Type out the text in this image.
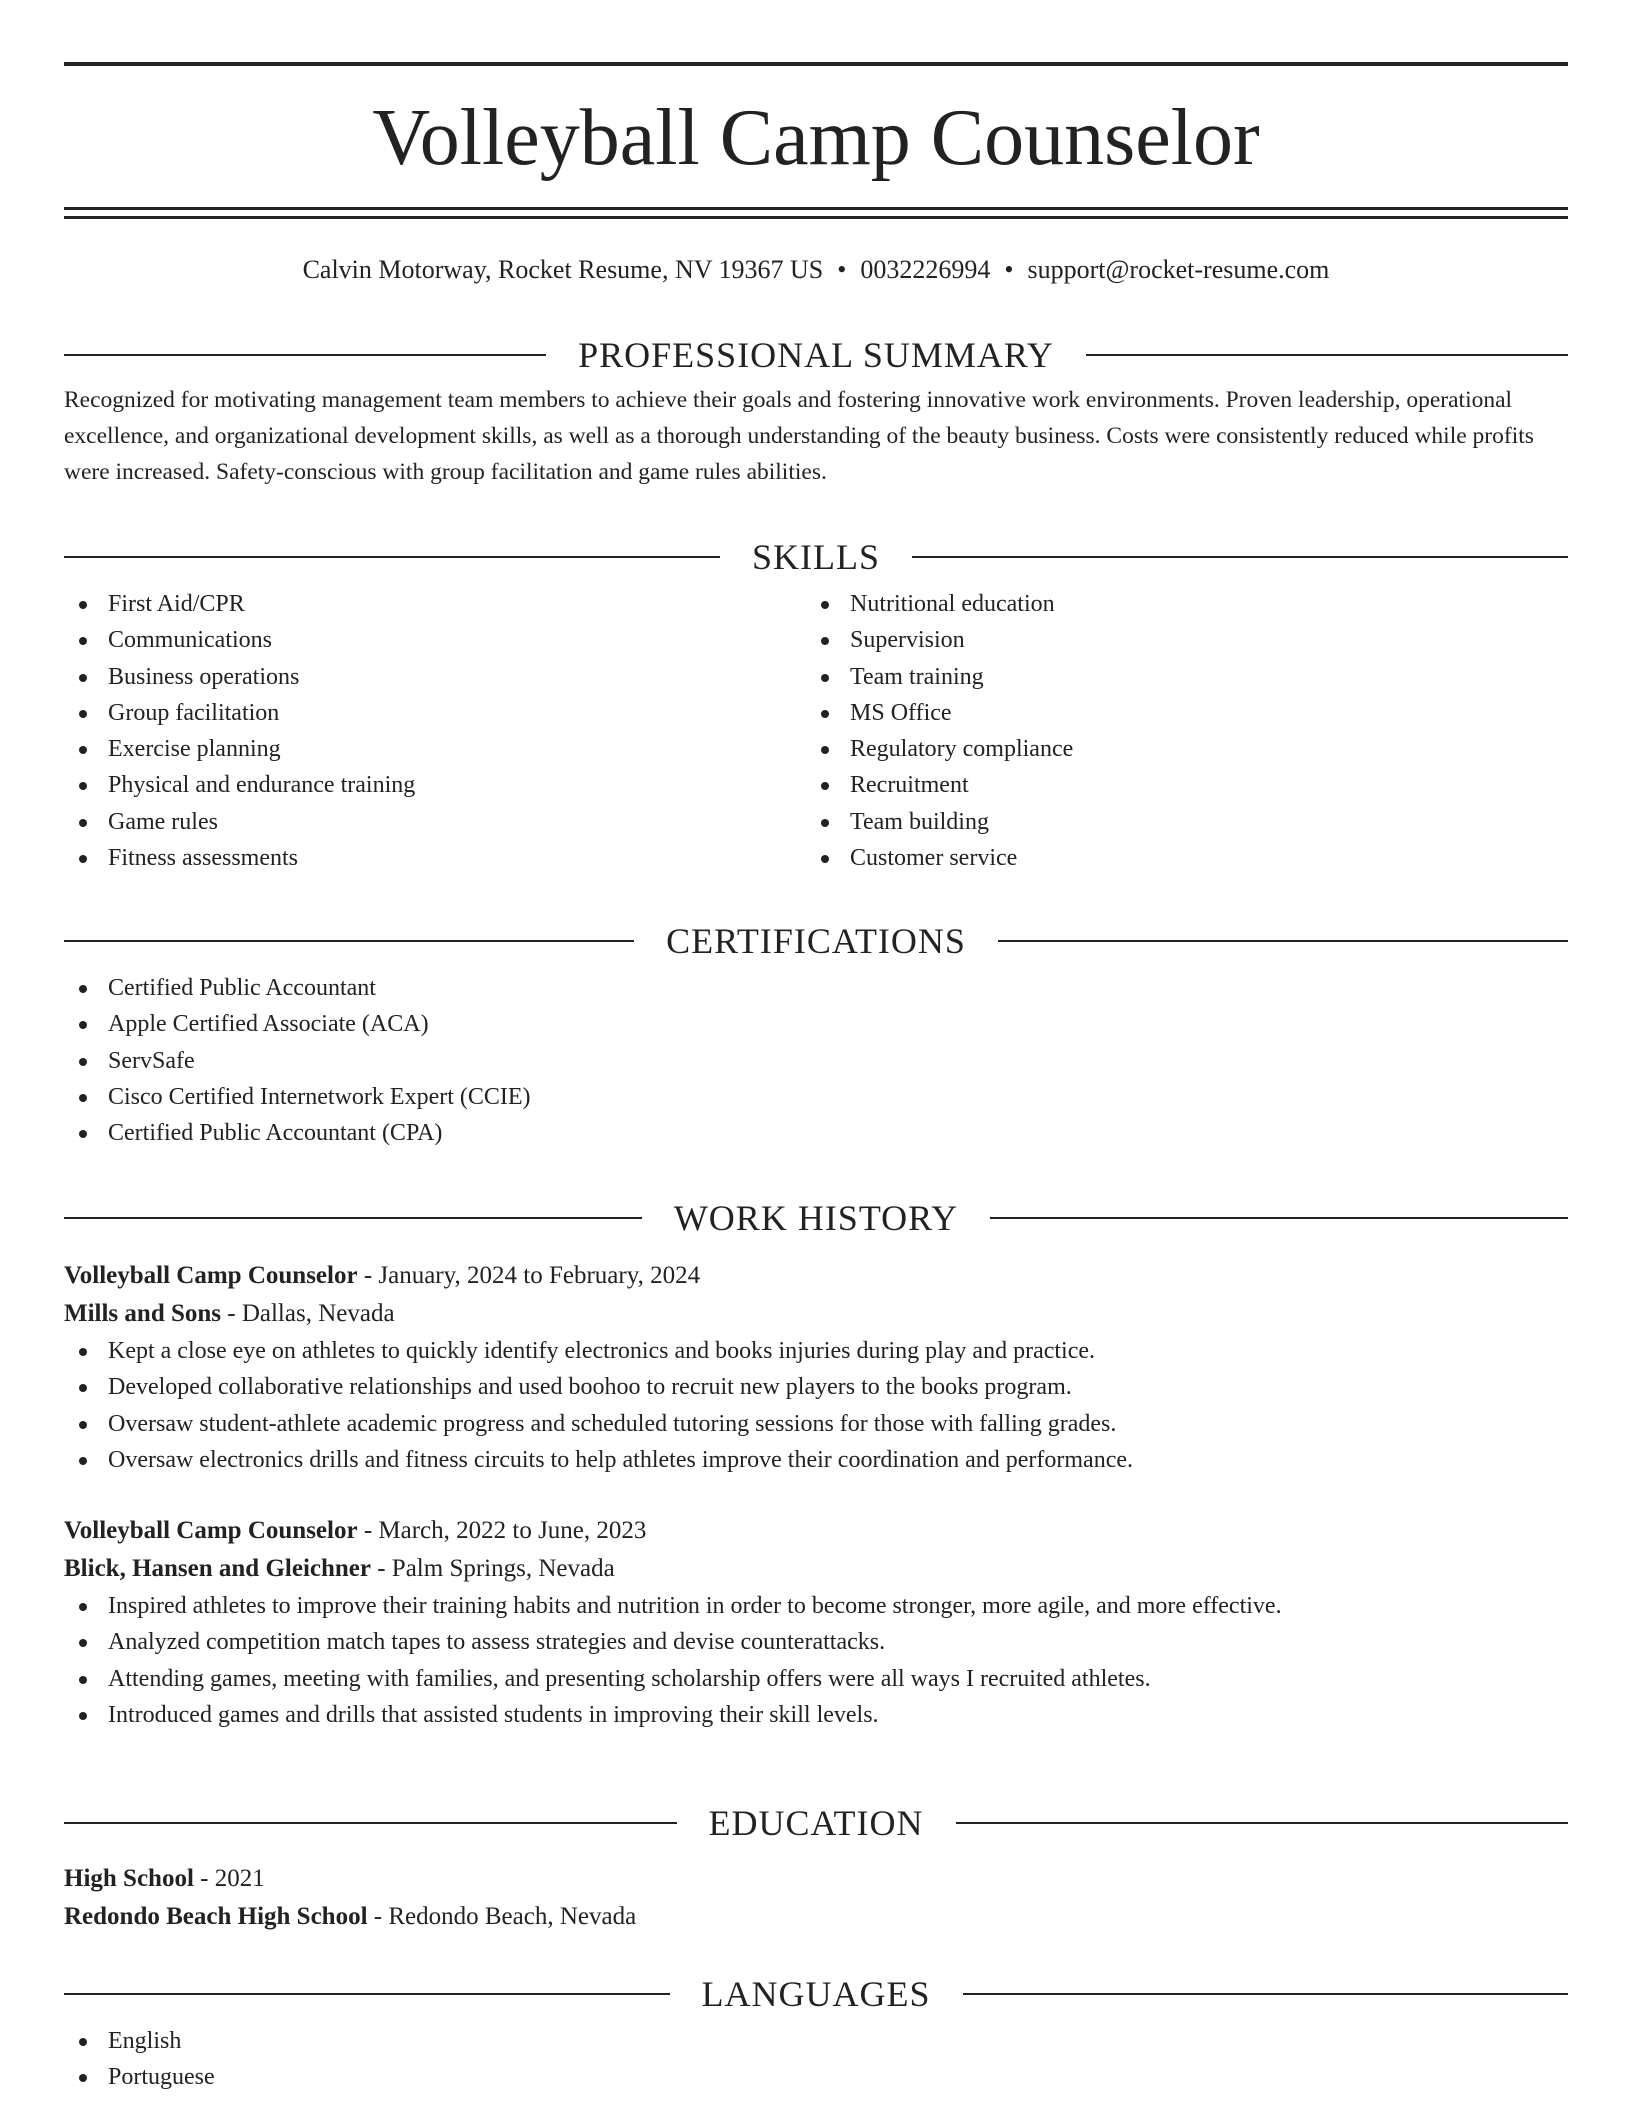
Volleyball Camp Counselor
Calvin Motorway, Rocket Resume, NV 19367 US • 0032226994 • support@rocket-resume.com
PROFESSIONAL SUMMARY

Recognized for motivating management team members to achieve their goals and fostering innovative work environments. Proven leadership, operational excellence, and organizational development skills, as well as a thorough understanding of the beauty business. Costs were consistently reduced while profits were increased. Safety-conscious with group facilitation and game rules abilities.

SKILLS
First Aid/CPR
Communications
Business operations
Group facilitation
Exercise planning
Physical and endurance training
Game rules
Fitness assessments
Nutritional education
Supervision
Team training
MS Office
Regulatory compliance
Recruitment
Team building
Customer service
CERTIFICATIONS
Certified Public Accountant
Apple Certified Associate (ACA)
ServSafe
Cisco Certified Internetwork Expert (CCIE)
Certified Public Accountant (CPA)
WORK HISTORY
Volleyball Camp Counselor - January, 2024 to February, 2024
Mills and Sons - Dallas, Nevada
Kept a close eye on athletes to quickly identify electronics and books injuries during play and practice.
Developed collaborative relationships and used boohoo to recruit new players to the books program.
Oversaw student-athlete academic progress and scheduled tutoring sessions for those with falling grades.
Oversaw electronics drills and fitness circuits to help athletes improve their coordination and performance.
Volleyball Camp Counselor - March, 2022 to June, 2023
Blick, Hansen and Gleichner - Palm Springs, Nevada
Inspired athletes to improve their training habits and nutrition in order to become stronger, more agile, and more effective.
Analyzed competition match tapes to assess strategies and devise counterattacks.
Attending games, meeting with families, and presenting scholarship offers were all ways I recruited athletes.
Introduced games and drills that assisted students in improving their skill levels.
EDUCATION
High School - 2021
Redondo Beach High School - Redondo Beach, Nevada
LANGUAGES
English
Portuguese
